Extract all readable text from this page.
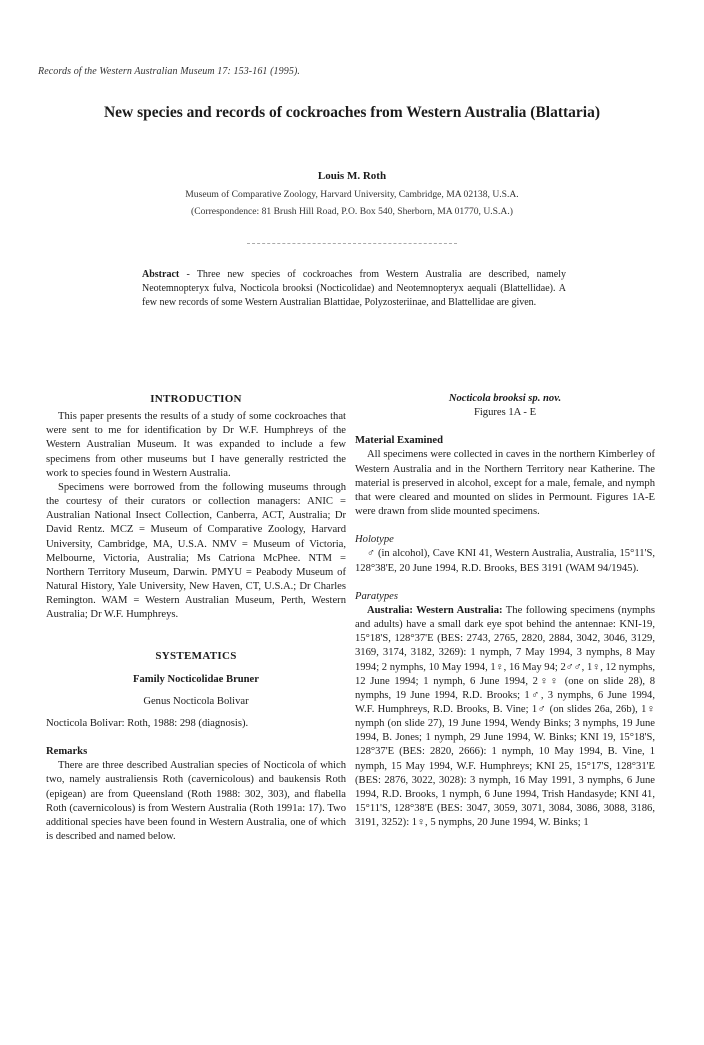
Records of the Western Australian Museum 17: 153-161 (1995).
New species and records of cockroaches from Western Australia (Blattaria)
Louis M. Roth
Museum of Comparative Zoology, Harvard University, Cambridge, MA 02138, U.S.A.
(Correspondence: 81 Brush Hill Road, P.O. Box 540, Sherborn, MA 01770, U.S.A.)
Abstract - Three new species of cockroaches from Western Australia are described, namely Neotemnopteryx fulva, Nocticola brooksi (Nocticolidae) and Neotemnopteryx aequali (Blattellidae). A few new records of some Western Australian Blattidae, Polyzosteriinae, and Blattellidae are given.

INTRODUCTION

This paper presents the results of a study of some cockroaches that were sent to me for identification by Dr W.F. Humphreys of the Western Australian Museum. It was expanded to include a few specimens from other museums but I have generally restricted the work to species found in Western Australia.

Specimens were borrowed from the following museums through the courtesy of their curators or collection managers: ANIC = Australian National Insect Collection, Canberra, ACT, Australia; Dr David Rentz. MCZ = Museum of Comparative Zoology, Harvard University, Cambridge, MA, U.S.A. NMV = Museum of Victoria, Melbourne, Victoria, Australia; Ms Catriona McPhee. NTM = Northern Territory Museum, Darwin. PMYU = Peabody Museum of Natural History, Yale University, New Haven, CT, U.S.A.; Dr Charles Remington. WAM = Western Australian Museum, Perth, Western Australia; Dr W.F. Humphreys.

SYSTEMATICS

Family Nocticolidae Bruner

Genus Nocticola Bolivar

Nocticola Bolivar: Roth, 1988: 298 (diagnosis).

Remarks

There are three described Australian species of Nocticola of which two, namely australiensis Roth (cavernicolous) and baukensis Roth (epigean) are from Queensland (Roth 1988: 302, 303), and flabella Roth (cavernicolous) is from Western Australia (Roth 1991a: 17). Two additional species have been found in Western Australia, one of which is described and named below.

Nocticola brooksi sp. nov.

Figures 1A - E

Material Examined

All specimens were collected in caves in the northern Kimberley of Western Australia and in the Northern Territory near Katherine. The material is preserved in alcohol, except for a male, female, and nymph that were cleared and mounted on slides in Permount. Figures 1A-E were drawn from slide mounted specimens.

Holotype

♂ (in alcohol), Cave KNI 41, Western Australia, Australia, 15°11'S, 128°38'E, 20 June 1994, R.D. Brooks, BES 3191 (WAM 94/1945).

Paratypes

Australia: Western Australia: The following specimens (nymphs and adults) have a small dark eye spot behind the antennae: KNI-19, 15°18'S, 128°37'E (BES: 2743, 2765, 2820, 2884, 3042, 3046, 3129, 3169, 3174, 3182, 3269): 1 nymph, 7 May 1994, 3 nymphs, 8 May 1994; 2 nymphs, 10 May 1994, 1♀, 16 May 94; 2♂♂, 1♀, 12 nymphs, 12 June 1994; 1 nymph, 6 June 1994, 2♀♀ (one on slide 28), 8 nymphs, 19 June 1994, R.D. Brooks; 1♂, 3 nymphs, 6 June 1994, W.F. Humphreys, R.D. Brooks, B. Vine; 1♂ (on slides 26a, 26b), 1♀ nymph (on slide 27), 19 June 1994, Wendy Binks; 3 nymphs, 19 June 1994, B. Jones; 1 nymph, 29 June 1994, W. Binks; KNI 19, 15°18'S, 128°37'E (BES: 2820, 2666): 1 nymph, 10 May 1994, B. Vine, 1 nymph, 15 May 1994, W.F. Humphreys; KNI 25, 15°17'S, 128°31'E (BES: 2876, 3022, 3028): 3 nymph, 16 May 1991, 3 nymphs, 6 June 1994, R.D. Brooks, 1 nymph, 6 June 1994, Trish Handasyde; KNI 41, 15°11'S, 128°38'E (BES: 3047, 3059, 3071, 3084, 3086, 3088, 3186, 3191, 3252): 1♀, 5 nymphs, 20 June 1994, W. Binks; 1
